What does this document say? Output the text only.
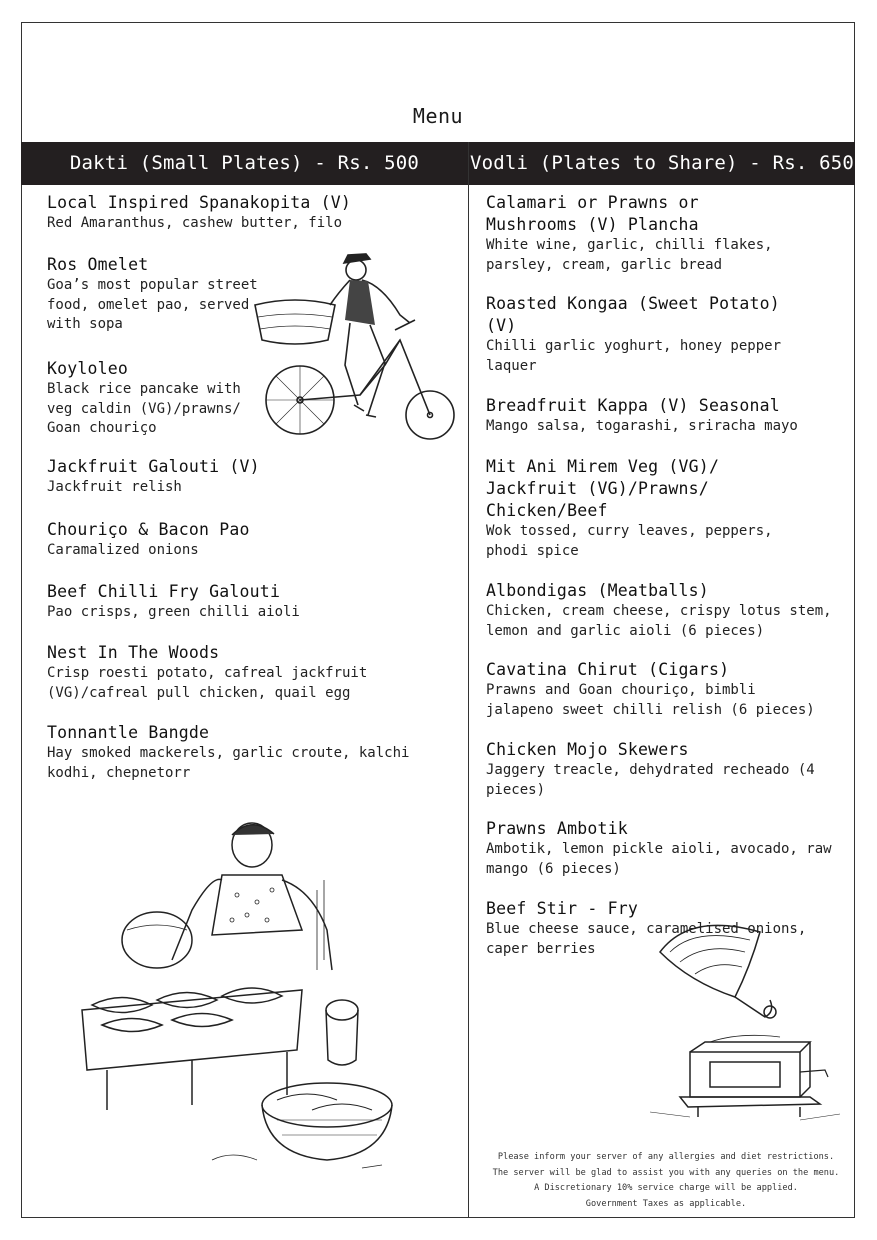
Menu
Dakti (Small Plates) - Rs. 500	Vodli (Plates to Share) - Rs. 650
Local Inspired Spanakopita (V)
Red Amaranthus, cashew butter, filo
Ros Omelet
Goa’s most popular street food, omelet pao, served with sopa
Koyloleo
Black rice pancake with veg caldin (VG)/prawns/ Goan chouriço
Jackfruit Galouti (V)
Jackfruit relish
Chouriço & Bacon Pao
Caramalized onions
Beef Chilli Fry Galouti
Pao crisps, green chilli aioli
Nest In The Woods
Crisp roesti potato, cafreal jackfruit (VG)/cafreal pull chicken, quail egg
Tonnantle Bangde
Hay smoked mackerels, garlic croute, kalchi kodhi, chepnetorr
Calamari or Prawns or Mushrooms (V) Plancha
White wine, garlic, chilli flakes, parsley, cream, garlic bread
Roasted Kongaa (Sweet Potato) (V)
Chilli garlic yoghurt, honey pepper laquer
Breadfruit Kappa (V) Seasonal
Mango salsa, togarashi, sriracha mayo
Mit Ani Mirem Veg (VG)/ Jackfruit (VG)/Prawns/ Chicken/Beef
Wok tossed, curry leaves, peppers, phodi spice
Albondigas (Meatballs)
Chicken, cream cheese, crispy lotus stem, lemon and garlic aioli (6 pieces)
Cavatina Chirut (Cigars)
Prawns and Goan chouriço, bimbli jalapeno sweet chilli relish (6 pieces)
Chicken Mojo Skewers
Jaggery treacle, dehydrated recheado (4 pieces)
Prawns Ambotik
Ambotik, lemon pickle aioli, avocado, raw mango (6 pieces)
Beef Stir - Fry
Blue cheese sauce, caramelised onions, caper berries
Please inform your server of any allergies and diet restrictions.
The server will be glad to assist you with any queries on the menu.
A Discretionary 10% service charge will be applied.
Government Taxes as applicable.
